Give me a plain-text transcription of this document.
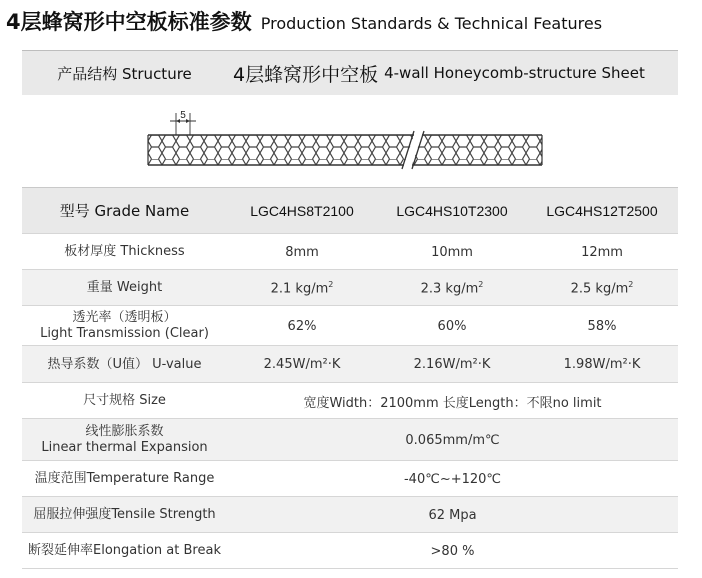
4层蜂窝形中空板标准参数 Production Standards & Technical Features
产品结构 Structure	4层蜂窝形中空板 4-wall Honeycomb-structure Sheet
5
型号 Grade Name	LGC4HS8T2100	LGC4HS10T2300	LGC4HS12T2500
板材厚度 Thickness	8mm	10mm	12mm
重量 Weight	2.1 $kg/m^2$	2.3 $kg/m^2$	2.5 $kg/m^2$
透光率（透明板）
Light Transmission (Clear)	62%	60%	58%
热导系数（U值） U-value	2.45W/m²·K	2.16W/m²·K	1.98W/m²·K
尺寸规格 Size	宽度Width：2100mm 长度Length：不限no limit
线性膨胀系数
Linear thermal Expansion	0.065mm/m℃
温度范围Temperature Range	-40℃~+120℃
屈服拉伸强度Tensile Strength	62 Mpa
断裂延伸率Elongation at Break	>80 %
